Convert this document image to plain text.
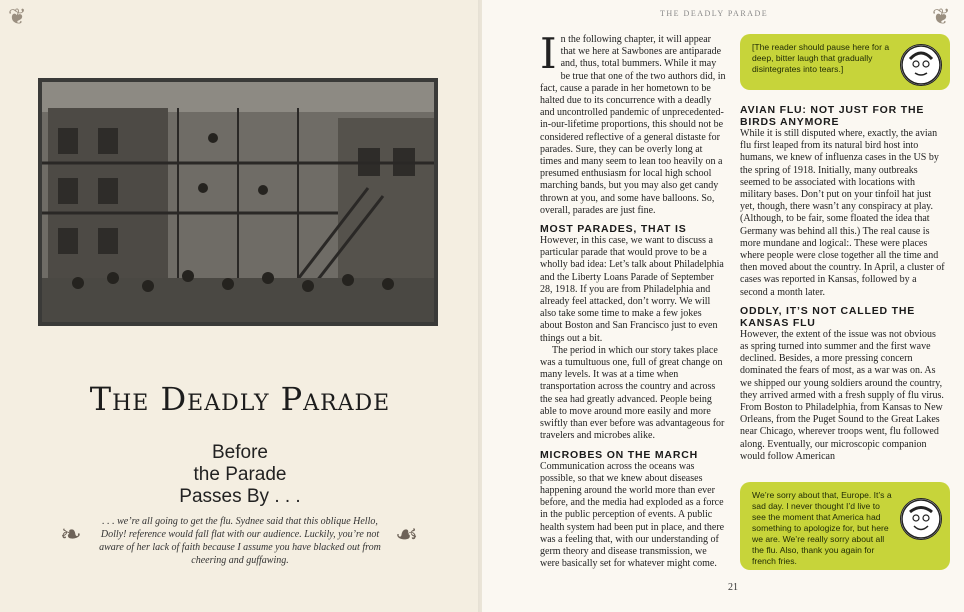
❦
The Deadly Parade
Before
the Parade
Passes By . . .
❧	. . . we’re all going to get the flu. Sydnee said that this oblique Hello, Dolly! reference would fall flat with our audience. Luckily, you’re not aware of her lack of faith because I assume you have blacked out from cheering and guffawing.
☙
❦
THE DEADLY PARADE

I n the following chapter, it will appear that we here at Sawbones are antiparade and, thus, total bummers. While it may be true that one of the two authors did, in fact, cause a parade in her hometown to be halted due to its concurrence with a deadly and uncontrolled pandemic of unprecedented-in-our-lifetime proportions, this should not be considered reflective of a general distaste for parades. Sure, they can be overly long at times and many seem to lean too heavily on a presumed enthusiasm for local high school marching bands, but you may also get candy thrown at you, and some have balloons. So, overall, parades are just fine.

MOST PARADES, THAT IS

However, in this case, we want to discuss a particular parade that would prove to be a wholly bad idea: Let’s talk about Philadelphia and the Liberty Loans Parade of September 28, 1918. If you are from Philadelphia and already feel attacked, don’t worry. We will also take some time to make a few jokes about Boston and San Francisco just to even things out a bit.

The period in which our story takes place was a tumultuous one, full of great change on many levels. It was at a time when transportation across the country and across the sea had greatly advanced. People being able to move around more easily and more swiftly than ever before was advantageous for travelers and microbes alike.

MICROBES ON THE MARCH

Communication across the oceans was possible, so that we knew about diseases happening around the world more than ever before, and the media had exploded as a force in the public perception of events. A public health system had been put in place, and there was a feeling that, with our understanding of germ theory and disease transmission, we were basically set for whatever might come.

[The reader should pause here for a deep, bitter laugh that gradually disintegrates into tears.]
AVIAN FLU: NOT JUST FOR THE BIRDS ANYMORE

While it is still disputed where, exactly, the avian flu first leaped from its natural bird host into humans, we knew of influenza cases in the US by the spring of 1918. Initially, many outbreaks seemed to be associated with locations with military bases. Don’t put on your tinfoil hat just yet, though, there wasn’t any conspiracy at play. (Although, to be fair, some floated the idea that Germany was behind all this.) The real cause is more mundane and logical:. These were places where people were close together all the time and then moved about the country. In April, a cluster of cases was reported in Kansas, followed by a second a month later.

ODDLY, IT’S NOT CALLED THE KANSAS FLU

However, the extent of the issue was not obvious as spring turned into summer and the first wave declined. Besides, a more pressing concern dominated the fears of most, as a war was on. As we shipped our young soldiers around the country, they arrived armed with a fresh supply of flu virus. From Boston to Philadelphia, from Kansas to New Orleans, from the Puget Sound to the Great Lakes near Chicago, wherever troops went, flu followed along. Eventually, our microscopic companion would follow American

We’re sorry about that, Europe. It’s a sad day. I never thought I’d live to see the moment that America had something to apologize for, but here we are. We’re really sorry about all the flu. Also, thank you again for french fries.
21
